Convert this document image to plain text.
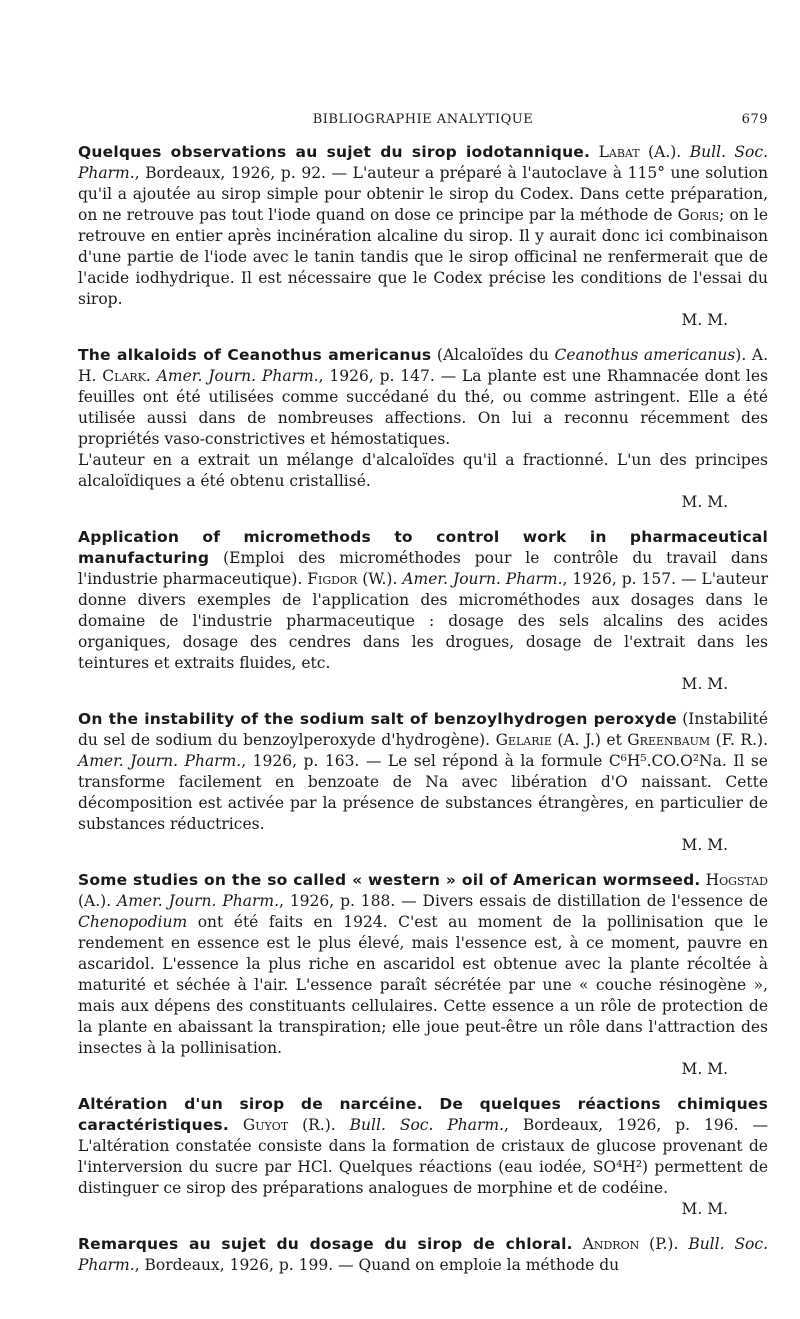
BIBLIOGRAPHIE ANALYTIQUE	679

Quelques observations au sujet du sirop iodotannique. Labat (A.). Bull. Soc. Pharm., Bordeaux, 1926, p. 92. — L'auteur a préparé à l'autoclave à 115° une solution qu'il a ajoutée au sirop simple pour obtenir le sirop du Codex. Dans cette préparation, on ne retrouve pas tout l'iode quand on dose ce principe par la méthode de Goris; on le retrouve en entier après incinération alcaline du sirop. Il y aurait donc ici combinaison d'une partie de l'iode avec le tanin tandis que le sirop officinal ne renfermerait que de l'acide iodhydrique. Il est nécessaire que le Codex précise les conditions de l'essai du sirop.

M. M.

The alkaloids of Ceanothus americanus (Alcaloïdes du Ceanothus americanus). A. H. Clark. Amer. Journ. Pharm., 1926, p. 147. — La plante est une Rhamnacée dont les feuilles ont été utilisées comme succédané du thé, ou comme astringent. Elle a été utilisée aussi dans de nombreuses affections. On lui a reconnu récemment des propriétés vaso-constrictives et hémostatiques.

L'auteur en a extrait un mélange d'alcaloïdes qu'il a fractionné. L'un des principes alcaloïdiques a été obtenu cristallisé.

M. M.

Application of micromethods to control work in pharmaceutical manufacturing (Emploi des microméthodes pour le contrôle du travail dans l'industrie pharmaceutique). Figdor (W.). Amer. Journ. Pharm., 1926, p. 157. — L'auteur donne divers exemples de l'application des microméthodes aux dosages dans le domaine de l'industrie pharmaceutique : dosage des sels alcalins des acides organiques, dosage des cendres dans les drogues, dosage de l'extrait dans les teintures et extraits fluides, etc.

M. M.

On the instability of the sodium salt of benzoylhydrogen peroxyde (Instabilité du sel de sodium du benzoylperoxyde d'hydrogène). Gelarie (A. J.) et Greenbaum (F. R.). Amer. Journ. Pharm., 1926, p. 163. — Le sel répond à la formule C⁶H⁵.CO.O²Na. Il se transforme facilement en benzoate de Na avec libération d'O naissant. Cette décomposition est activée par la présence de substances étrangères, en particulier de substances réductrices.

M. M.

Some studies on the so called « western » oil of American wormseed. Hogstad (A.). Amer. Journ. Pharm., 1926, p. 188. — Divers essais de distillation de l'essence de Chenopodium ont été faits en 1924. C'est au moment de la pollinisation que le rendement en essence est le plus élevé, mais l'essence est, à ce moment, pauvre en ascaridol. L'essence la plus riche en ascaridol est obtenue avec la plante récoltée à maturité et séchée à l'air. L'essence paraît sécrétée par une « couche résinogène », mais aux dépens des constituants cellulaires. Cette essence a un rôle de protection de la plante en abaissant la transpiration; elle joue peut-être un rôle dans l'attraction des insectes à la pollinisation.

M. M.

Altération d'un sirop de narcéine. De quelques réactions chimiques caractéristiques. Guyot (R.). Bull. Soc. Pharm., Bordeaux, 1926, p. 196. — L'altération constatée consiste dans la formation de cristaux de glucose provenant de l'interversion du sucre par HCl. Quelques réactions (eau iodée, SO⁴H²) permettent de distinguer ce sirop des préparations analogues de morphine et de codéine.

M. M.

Remarques au sujet du dosage du sirop de chloral. Andron (P.). Bull. Soc. Pharm., Bordeaux, 1926, p. 199. — Quand on emploie la méthode du
